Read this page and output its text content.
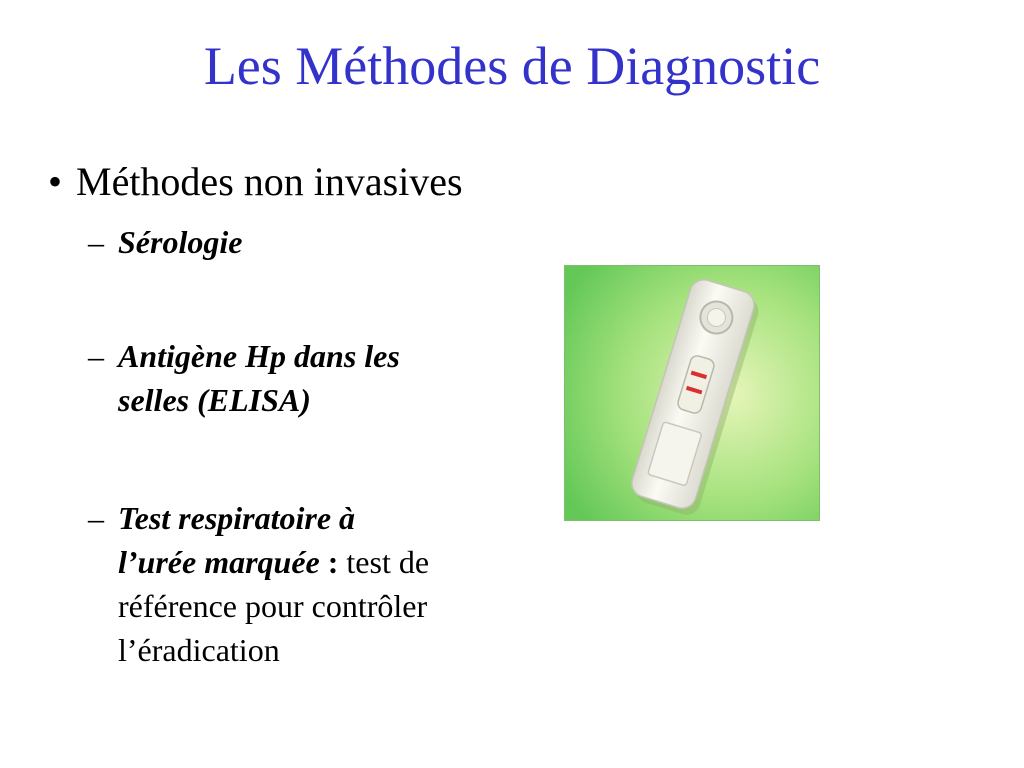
Les Méthodes de Diagnostic
• Méthodes non invasives
– Sérologie
– Antigène Hp dans les
selles (ELISA)
– Test respiratoire à
l’urée marquée : test de
référence pour contrôler
l’éradication
